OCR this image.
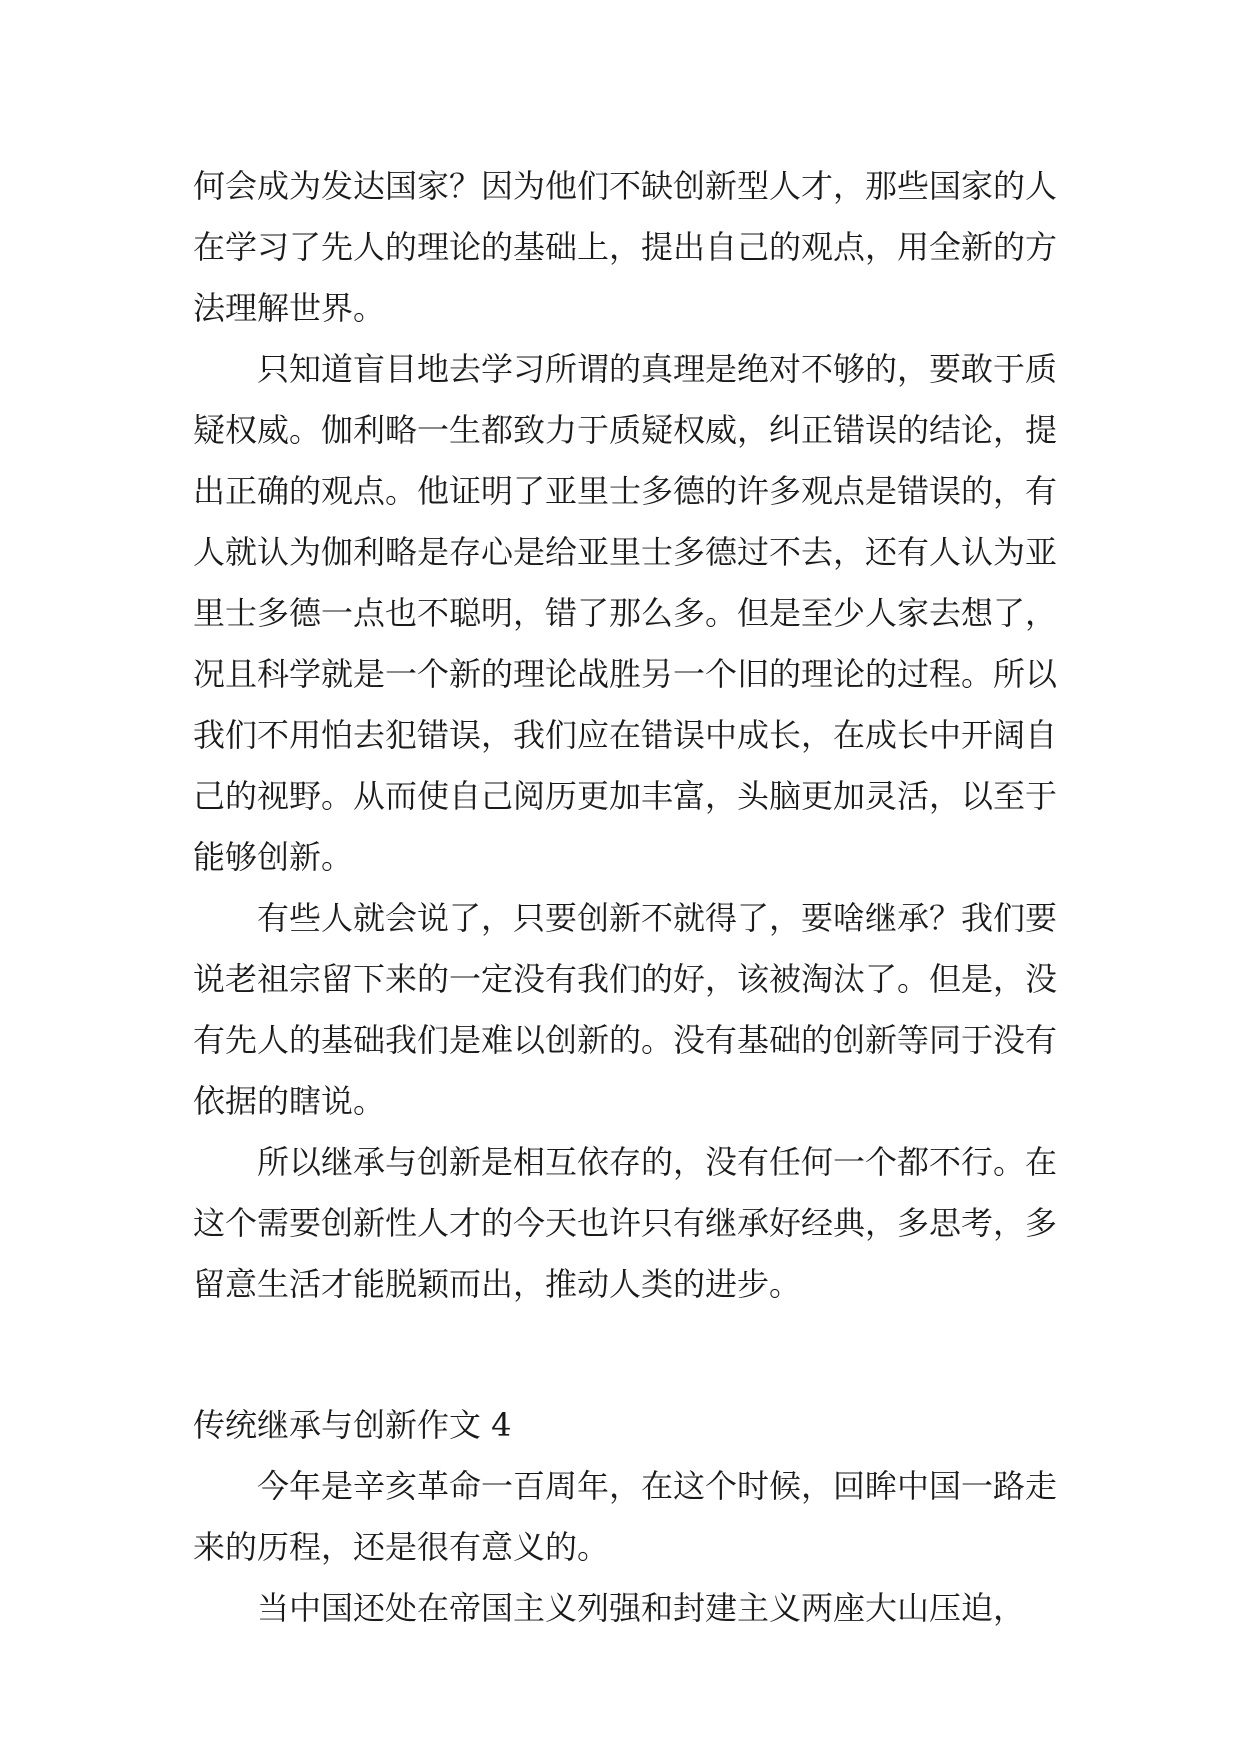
何会成为发达国家？因为他们不缺创新型人才，那些国家的人在学习了先人的理论的基础上，提出自己的观点，用全新的方法理解世界。

只知道盲目地去学习所谓的真理是绝对不够的，要敢于质疑权威。伽利略一生都致力于质疑权威，纠正错误的结论，提出正确的观点。他证明了亚里士多德的许多观点是错误的，有人就认为伽利略是存心是给亚里士多德过不去，还有人认为亚里士多德一点也不聪明，错了那么多。但是至少人家去想了，况且科学就是一个新的理论战胜另一个旧的理论的过程。所以我们不用怕去犯错误，我们应在错误中成长，在成长中开阔自己的视野。从而使自己阅历更加丰富，头脑更加灵活，以至于能够创新。

有些人就会说了，只要创新不就得了，要啥继承？我们要说老祖宗留下来的一定没有我们的好，该被淘汰了。但是，没有先人的基础我们是难以创新的。没有基础的创新等同于没有依据的瞎说。

所以继承与创新是相互依存的，没有任何一个都不行。在这个需要创新性人才的今天也许只有继承好经典，多思考，多留意生活才能脱颖而出，推动人类的进步。

传统继承与创新作文 4

今年是辛亥革命一百周年，在这个时候，回眸中国一路走来的历程，还是很有意义的。

当中国还处在帝国主义列强和封建主义两座大山压迫，
